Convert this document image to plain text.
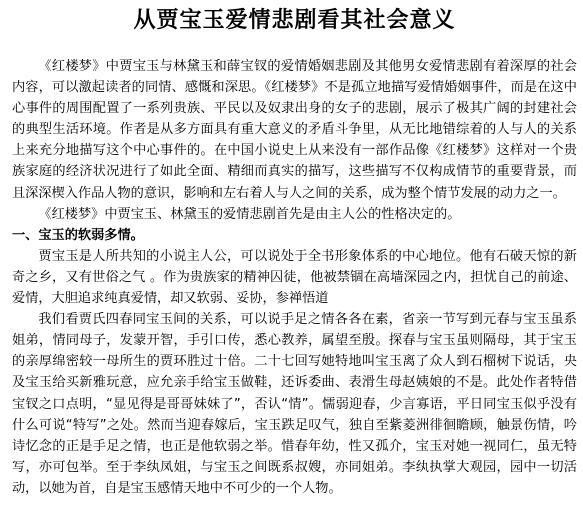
从贾宝玉爱情悲剧看其社会意义

《红楼梦》中贾宝玉与林黛玉和薛宝钗的爱情婚姻悲剧及其他男女爱情悲剧有着深厚的社会内容，可以激起读者的同情、感慨和深思。《红楼梦》不是孤立地描写爱情婚姻事件，而是在这中心事件的周围配置了一系列贵族、平民以及奴隶出身的女子的悲剧，展示了极其广阔的封建社会的典型生活环境。作者是从多方面具有重大意义的矛盾斗争里，从无比地错综着的人与人的关系上来充分地描写这个中心事件的。在中国小说史上从来没有一部作品像《红楼梦》这样对一个贵族家庭的经济状况进行了如此全面、精细而真实的描写，这些描写不仅构成情节的重要背景，而且深深楔入作品人物的意识，影响和左右着人与人之间的关系，成为整个情节发展的动力之一。

《红楼梦》中贾宝玉、林黛玉的爱情悲剧首先是由主人公的性格决定的。

一、宝玉的软弱多情。

贾宝玉是人所共知的小说主人公，可以说处于全书形象体系的中心地位。他有石破天惊的新奇之乡，又有世俗之气 。作为贵族家的精神囚徒，他被禁锢在高墙深园之内，担忧自己的前途、爱情，大胆追求纯真爱情，却又软弱、妥协，参禅悟道

我们看贾氏四春同宝玉间的关系，可以说手足之情各各在素，省亲一节写到元春与宝玉虽系姐弟，情同母子，发蒙开智，手引口传，悉心教养，属望至殷。探春与宝玉虽则隔母，其于宝玉的亲厚绵密较一母所生的贾环胜过十倍。二十七回写她特地叫宝玉离了众人到石榴树下说话，央及宝玉给买新雅玩意，应允亲手给宝玉做鞋，还诉委曲、表滑生母赵姨娘的不是。此处作者特借宝钗之口点明，“显见得是哥哥妹妹了”，否认“情”。懦弱迎春，少言寡语，平日同宝玉似乎没有什么可说“特写”之处。然而当迎春嫁后，宝玉跌足叹气，独自至紫菱洲徘徊瞻顾，触景伤情，吟诗忆念的正是手足之情，也正是他软弱之举。惜春年幼，性又孤介，宝玉对她一视同仁，虽无特写，亦可包举。至于李纨凤姐，与宝玉之间既系叔嫂，亦同姐弟。李纨执掌大观园，园中一切活动，以她为首，自是宝玉感情天地中不可少的一个人物。
